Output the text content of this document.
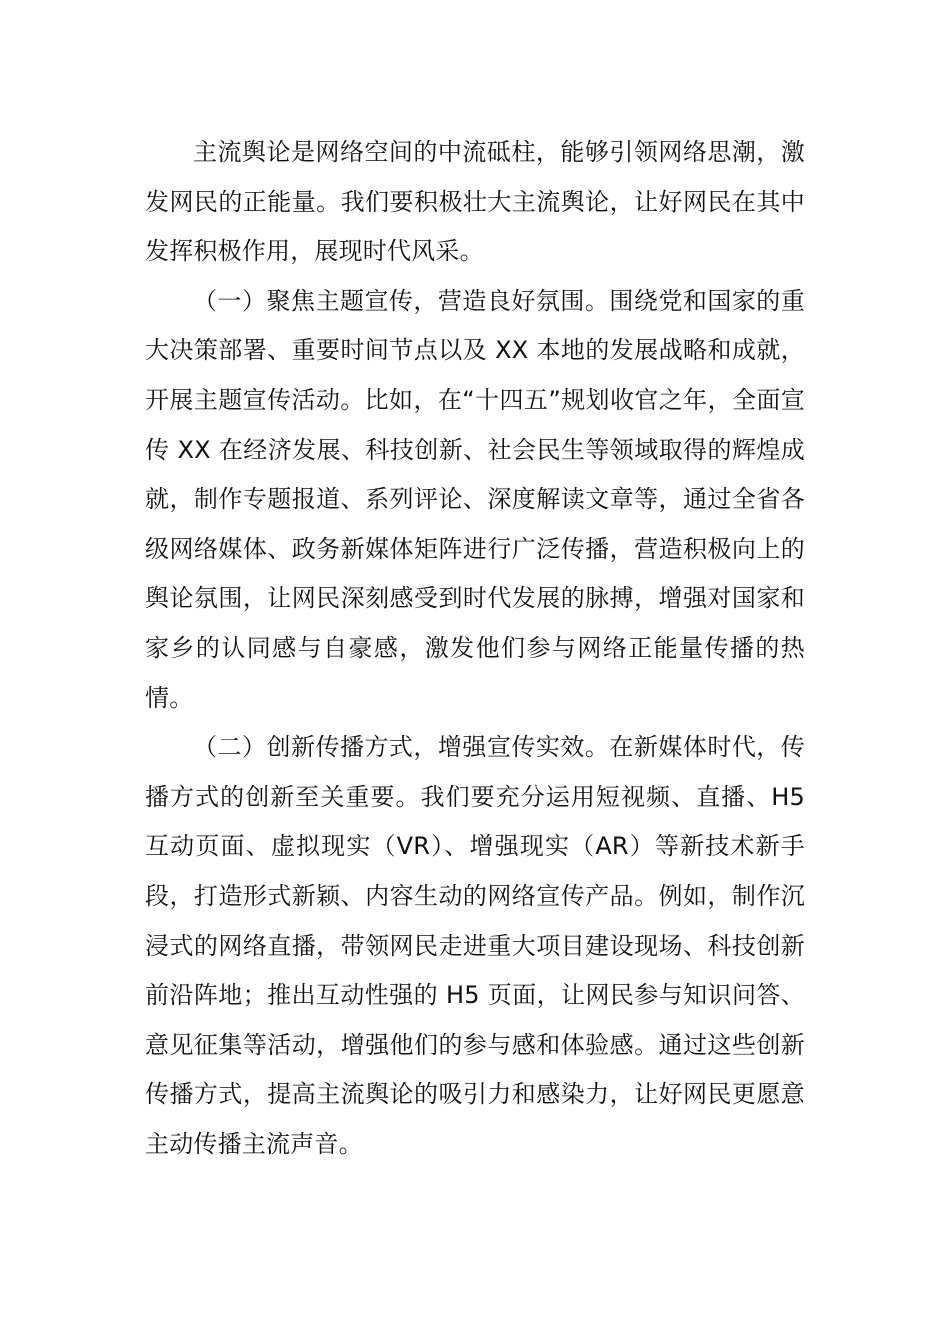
主流舆论是网络空间的中流砥柱，能够引领网络思潮，激发网民的正能量。我们要积极壮大主流舆论，让好网民在其中发挥积极作用，展现时代风采。

（一）聚焦主题宣传，营造良好氛围。围绕党和国家的重大决策部署、重要时间节点以及 XX 本地的发展战略和成就，开展主题宣传活动。比如，在“十四五”规划收官之年，全面宣传 XX 在经济发展、科技创新、社会民生等领域取得的辉煌成就，制作专题报道、系列评论、深度解读文章等，通过全省各级网络媒体、政务新媒体矩阵进行广泛传播，营造积极向上的舆论氛围，让网民深刻感受到时代发展的脉搏，增强对国家和家乡的认同感与自豪感，激发他们参与网络正能量传播的热情。

（二）创新传播方式，增强宣传实效。在新媒体时代，传播方式的创新至关重要。我们要充分运用短视频、直播、H5 互动页面、虚拟现实（VR）、增强现实（AR）等新技术新手段，打造形式新颖、内容生动的网络宣传产品。例如，制作沉浸式的网络直播，带领网民走进重大项目建设现场、科技创新前沿阵地；推出互动性强的 H5 页面，让网民参与知识问答、意见征集等活动，增强他们的参与感和体验感。通过这些创新传播方式，提高主流舆论的吸引力和感染力，让好网民更愿意主动传播主流声音。
